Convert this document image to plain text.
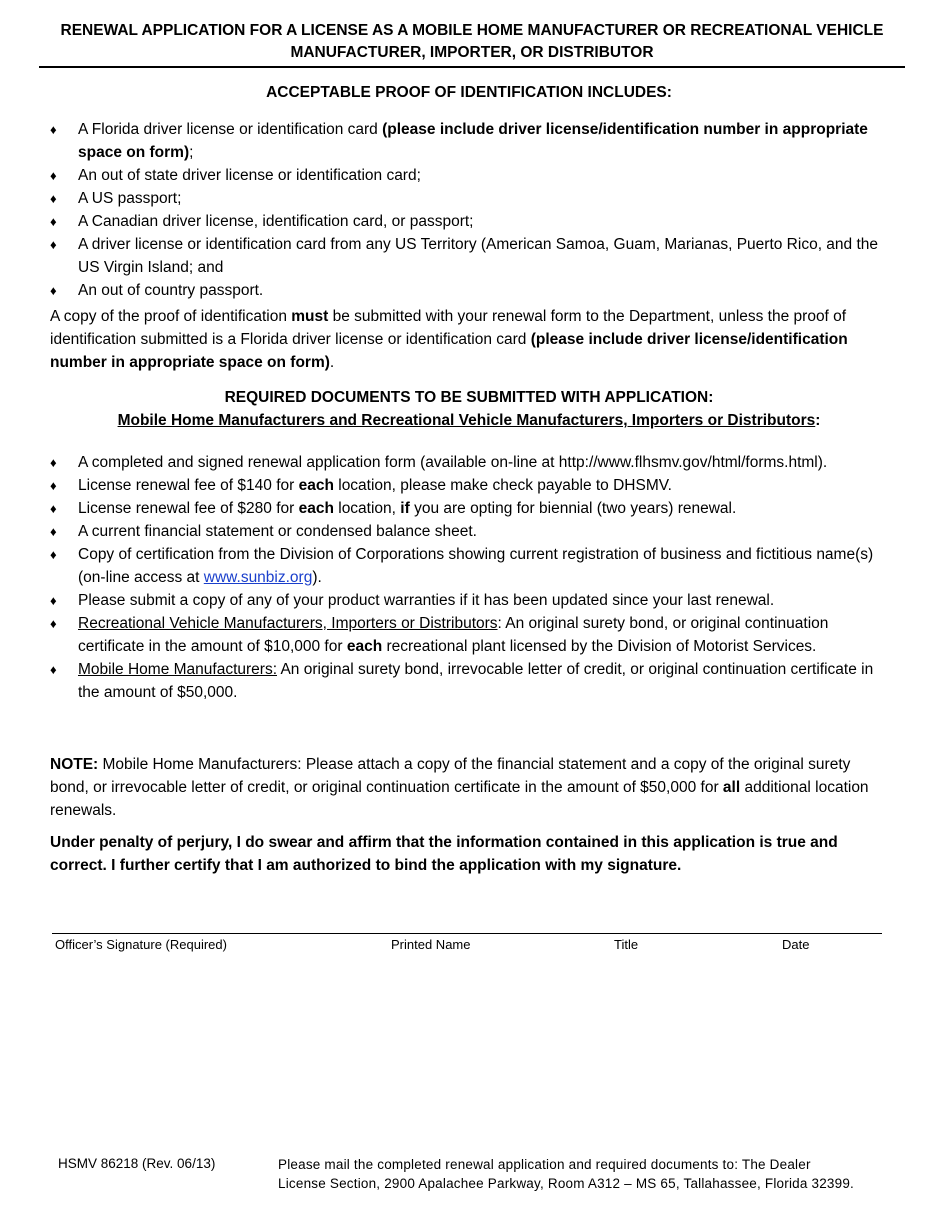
RENEWAL APPLICATION FOR A LICENSE AS A MOBILE HOME MANUFACTURER OR RECREATIONAL VEHICLE
MANUFACTURER, IMPORTER, OR DISTRIBUTOR
ACCEPTABLE PROOF OF IDENTIFICATION INCLUDES:
♦	A Florida driver license or identification card (please include driver license/identification number in appropriate space on form);
♦	An out of state driver license or identification card;
♦	A US passport;
♦	A Canadian driver license, identification card, or passport;
♦	A driver license or identification card from any US Territory (American Samoa, Guam, Marianas, Puerto Rico, and the US Virgin Island; and
♦	An out of country passport.
A copy of the proof of identification must be submitted with your renewal form to the Department, unless the proof of identification submitted is a Florida driver license or identification card (please include driver license/identification number in appropriate space on form).
REQUIRED DOCUMENTS TO BE SUBMITTED WITH APPLICATION:
Mobile Home Manufacturers and Recreational Vehicle Manufacturers, Importers or Distributors:
♦	A completed and signed renewal application form (available on-line at http://www.flhsmv.gov/html/forms.html).
♦	License renewal fee of $140 for each location, please make check payable to DHSMV.
♦	License renewal fee of $280 for each location, if you are opting for biennial (two years) renewal.
♦	A current financial statement or condensed balance sheet.
♦	Copy of certification from the Division of Corporations showing current registration of business and fictitious name(s) (on-line access at www.sunbiz.org).
♦	Please submit a copy of any of your product warranties if it has been updated since your last renewal.
♦	Recreational Vehicle Manufacturers, Importers or Distributors: An original surety bond, or original continuation certificate in the amount of $10,000 for each recreational plant licensed by the Division of Motorist Services.
♦	Mobile Home Manufacturers: An original surety bond, irrevocable letter of credit, or original continuation certificate in the amount of $50,000.
NOTE: Mobile Home Manufacturers: Please attach a copy of the financial statement and a copy of the original surety bond, or irrevocable letter of credit, or original continuation certificate in the amount of $50,000 for all additional location renewals.
Under penalty of perjury, I do swear and affirm that the information contained in this application is true and correct. I further certify that I am authorized to bind the application with my signature.
Officer’s Signature (Required)	Printed Name	Title	Date
HSMV 86218 (Rev. 06/13)	Please mail the completed renewal application and required documents to: The Dealer
License Section, 2900 Apalachee Parkway, Room A312 – MS 65, Tallahassee, Florida 32399.
